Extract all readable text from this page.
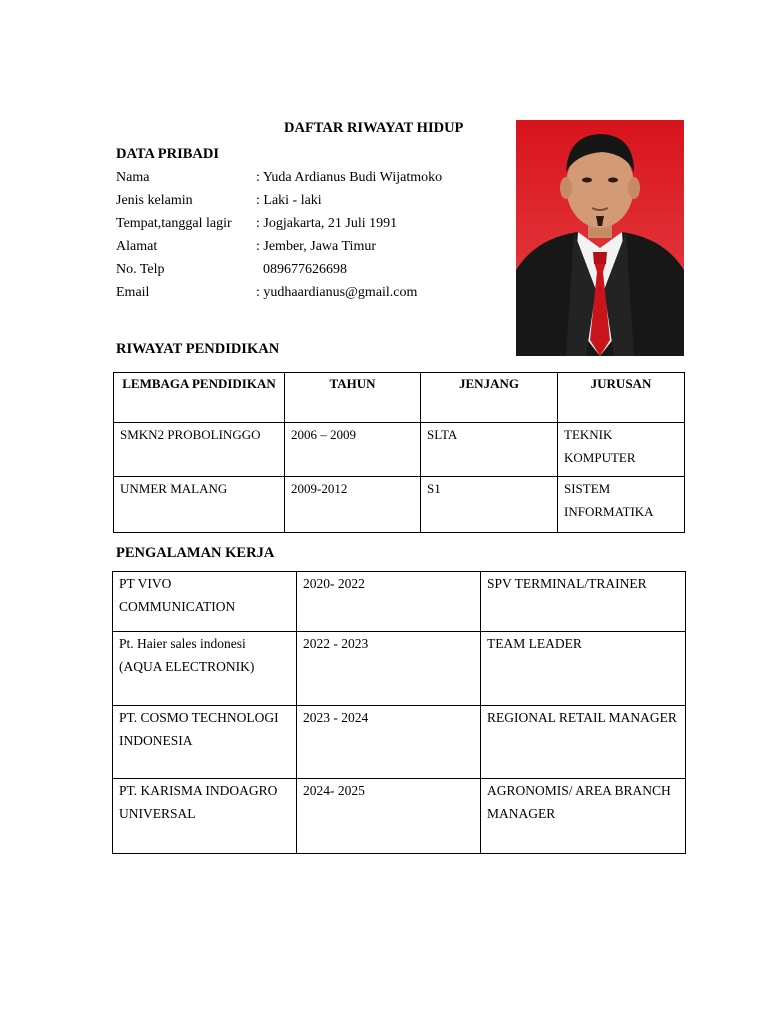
DAFTAR RIWAYAT HIDUP
DATA PRIBADI
Nama	: Yuda Ardianus Budi Wijatmoko
Jenis kelamin	: Laki - laki
Tempat,tanggal lagir : Jogjakarta, 21 Juli 1991
Alamat	: Jember, Jawa Timur
No. Telp	089677626698
Email	: yudhaardianus@gmail.com
RIWAYAT PENDIDIKAN
LEMBAGA PENDIDIKAN	TAHUN	JENJANG	JURUSAN
SMKN2 PROBOLINGGO	2006 – 2009	SLTA	TEKNIK KOMPUTER
UNMER MALANG	2009-2012	S1	SISTEM INFORMATIKA
PENGALAMAN KERJA
PT VIVO COMMUNICATION	2020- 2022	SPV TERMINAL/TRAINER
Pt. Haier sales indonesi (AQUA ELECTRONIK)	2022 - 2023	TEAM LEADER
PT. COSMO TECHNOLOGI INDONESIA	2023 - 2024	REGIONAL RETAIL MANAGER
PT. KARISMA INDOAGRO UNIVERSAL	2024- 2025	AGRONOMIS/ AREA BRANCH MANAGER
